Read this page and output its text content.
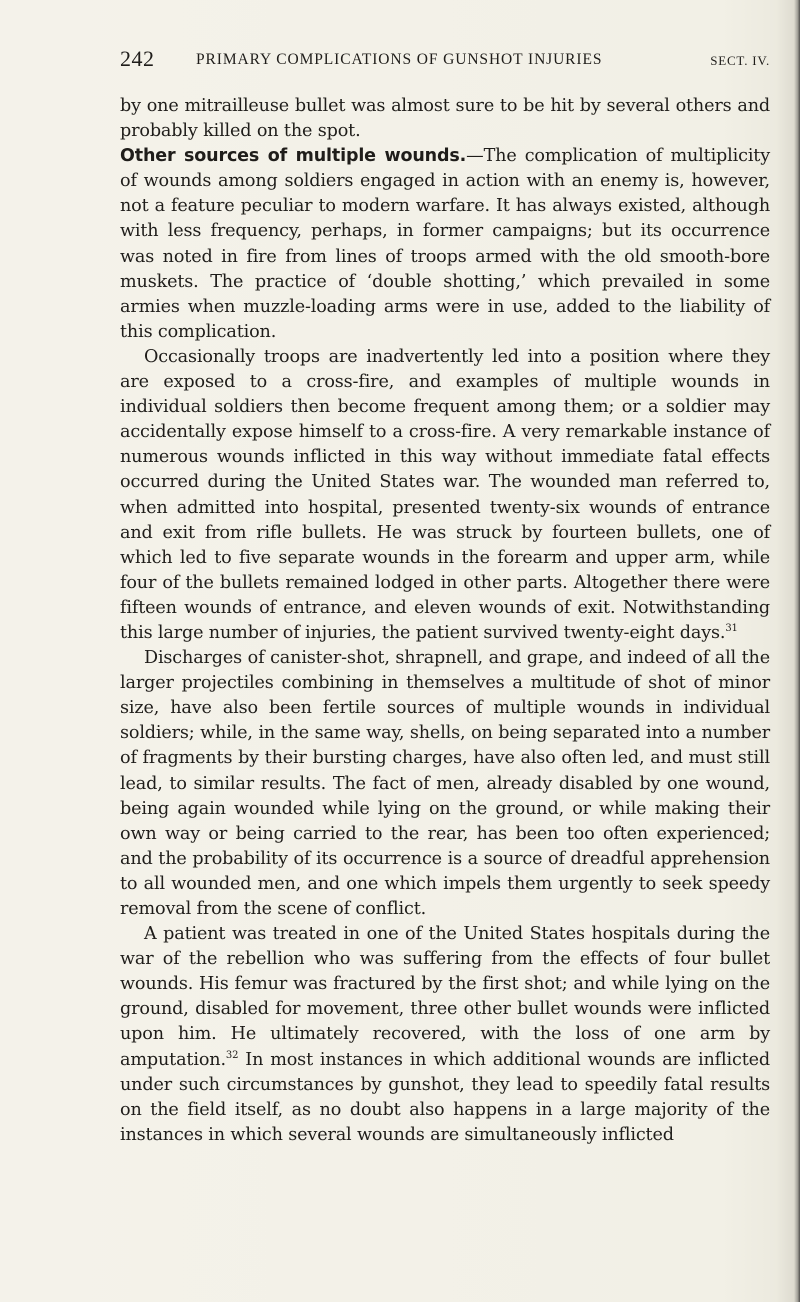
242	PRIMARY COMPLICATIONS OF GUNSHOT INJURIES	SECT. IV.

by one mitrailleuse bullet was almost sure to be hit by several others and probably killed on the spot.

Other sources of multiple wounds.—The complication of multiplicity of wounds among soldiers engaged in action with an enemy is, however, not a feature peculiar to modern warfare. It has always existed, although with less frequency, perhaps, in former campaigns; but its occurrence was noted in fire from lines of troops armed with the old smooth-bore muskets. The practice of ‘double shotting,’ which prevailed in some armies when muzzle-loading arms were in use, added to the liability of this complication.

Occasionally troops are inadvertently led into a position where they are exposed to a cross-fire, and examples of multiple wounds in individual soldiers then become frequent among them; or a soldier may accidentally expose himself to a cross-fire. A very remarkable instance of numerous wounds inflicted in this way without immediate fatal effects occurred during the United States war. The wounded man referred to, when admitted into hospital, presented twenty-six wounds of entrance and exit from rifle bullets. He was struck by fourteen bullets, one of which led to five separate wounds in the forearm and upper arm, while four of the bullets remained lodged in other parts. Altogether there were fifteen wounds of entrance, and eleven wounds of exit. Notwithstanding this large number of injuries, the patient survived twenty-eight days.$^{31}$

Discharges of canister-shot, shrapnell, and grape, and indeed of all the larger projectiles combining in themselves a multitude of shot of minor size, have also been fertile sources of multiple wounds in individual soldiers; while, in the same way, shells, on being separated into a number of fragments by their bursting charges, have also often led, and must still lead, to similar results. The fact of men, already disabled by one wound, being again wounded while lying on the ground, or while making their own way or being carried to the rear, has been too often experienced; and the probability of its occurrence is a source of dreadful apprehension to all wounded men, and one which impels them urgently to seek speedy removal from the scene of conflict.

A patient was treated in one of the United States hospitals during the war of the rebellion who was suffering from the effects of four bullet wounds. His femur was fractured by the first shot; and while lying on the ground, disabled for movement, three other bullet wounds were inflicted upon him. He ultimately recovered, with the loss of one arm by amputation.$^{32}$ In most instances in which additional wounds are inflicted under such circumstances by gunshot, they lead to speedily fatal results on the field itself, as no doubt also happens in a large majority of the instances in which several wounds are simultaneously inflicted
